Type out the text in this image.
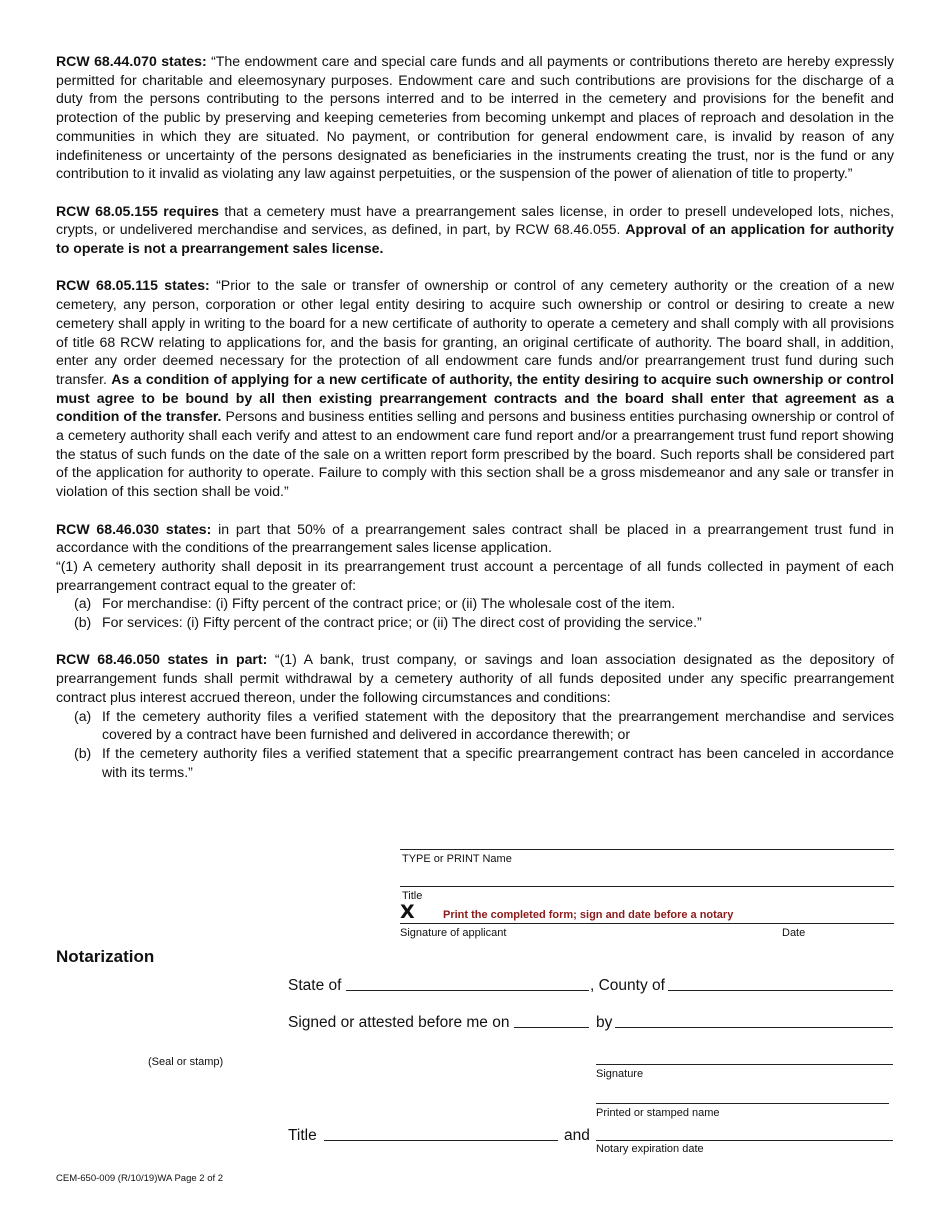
RCW 68.44.070 states: “The endowment care and special care funds and all payments or contributions thereto are hereby expressly permitted for charitable and eleemosynary purposes. Endowment care and such contributions are provisions for the discharge of a duty from the persons contributing to the persons interred and to be interred in the cemetery and provisions for the benefit and protection of the public by preserving and keeping cemeteries from becoming unkempt and places of reproach and desolation in the communities in which they are situated. No payment, or contribution for general endowment care, is invalid by reason of any indefiniteness or uncertainty of the persons designated as beneficiaries in the instruments creating the trust, nor is the fund or any contribution to it invalid as violating any law against perpetuities, or the suspension of the power of alienation of title to property.”

RCW 68.05.155 requires that a cemetery must have a prearrangement sales license, in order to presell undeveloped lots, niches, crypts, or undelivered merchandise and services, as defined, in part, by RCW 68.46.055. Approval of an application for authority to operate is not a prearrangement sales license.

RCW 68.05.115 states: “Prior to the sale or transfer of ownership or control of any cemetery authority or the creation of a new cemetery, any person, corporation or other legal entity desiring to acquire such ownership or control or desiring to create a new cemetery shall apply in writing to the board for a new certificate of authority to operate a cemetery and shall comply with all provisions of title 68 RCW relating to applications for, and the basis for granting, an original certificate of authority. The board shall, in addition, enter any order deemed necessary for the protection of all endowment care funds and/or prearrangement trust fund during such transfer. As a condition of applying for a new certificate of authority, the entity desiring to acquire such ownership or control must agree to be bound by all then existing prearrangement contracts and the board shall enter that agreement as a condition of the transfer. Persons and business entities selling and persons and business entities purchasing ownership or control of a cemetery authority shall each verify and attest to an endowment care fund report and/or a prearrangement trust fund report showing the status of such funds on the date of the sale on a written report form prescribed by the board. Such reports shall be considered part of the application for authority to operate. Failure to comply with this section shall be a gross misdemeanor and any sale or transfer in violation of this section shall be void.”

RCW 68.46.030 states: in part that 50% of a prearrangement sales contract shall be placed in a prearrangement trust fund in accordance with the conditions of the prearrangement sales license application.

“(1) A cemetery authority shall deposit in its prearrangement trust account a percentage of all funds collected in payment of each prearrangement contract equal to the greater of:

(a) For merchandise: (i) Fifty percent of the contract price; or (ii) The wholesale cost of the item.
(b) For services: (i) Fifty percent of the contract price; or (ii) The direct cost of providing the service.”

RCW 68.46.050 states in part: “(1) A bank, trust company, or savings and loan association designated as the depository of prearrangement funds shall permit withdrawal by a cemetery authority of all funds deposited under any specific prearrangement contract plus interest accrued thereon, under the following circumstances and conditions:

(a) If the cemetery authority files a verified statement with the depository that the prearrangement merchandise and services covered by a contract have been furnished and delivered in accordance therewith; or
(b) If the cemetery authority files a verified statement that a specific prearrangement contract has been canceled in accordance with its terms.”
TYPE or PRINT Name
Title
X	Print the completed form; sign and date before a notary
Signature of applicant	Date
Notarization
State of	, County of
Signed or attested before me on	by
(Seal or stamp)
Signature
Printed or stamped name
Title	and
Notary expiration date
CEM-650-009 (R/10/19)WA Page 2 of 2
